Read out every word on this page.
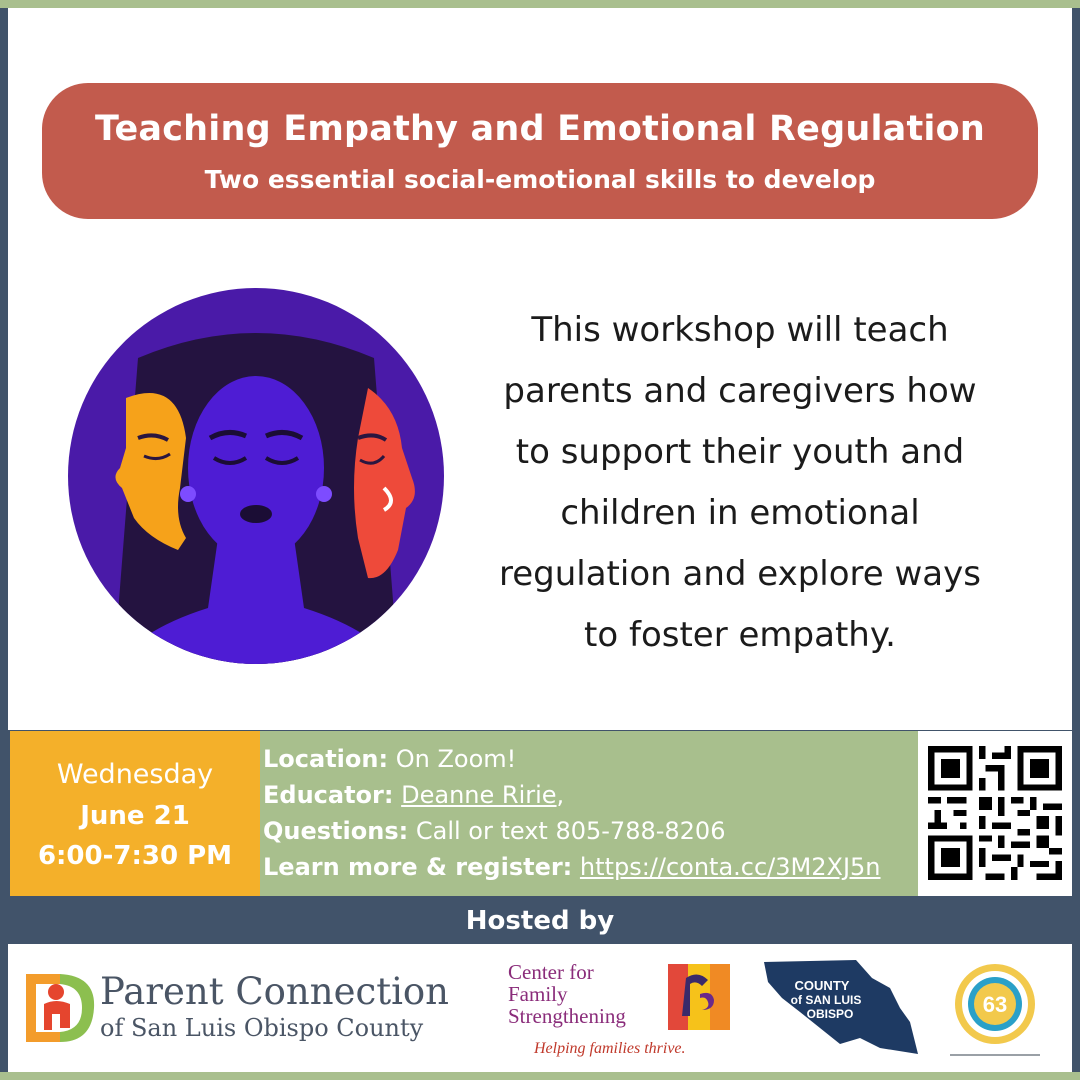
Teaching Empathy and Emotional Regulation
Two essential social-emotional skills to develop
This workshop will teach
parents and caregivers how
to support their youth and
children in emotional
regulation and explore ways
to foster empathy.
Wednesday
June 21
6:00-7:30 PM
Location: On Zoom!
Educator: Deanne Ririe,
Questions: Call or text 805-788-8206
Learn more & register: https://conta.cc/3M2XJ5n
Hosted by
Parent Connection
of San Luis Obispo County
Center for
Family
Strengthening
Helping families thrive.
COUNTY
of SAN LUIS
OBISPO	63
